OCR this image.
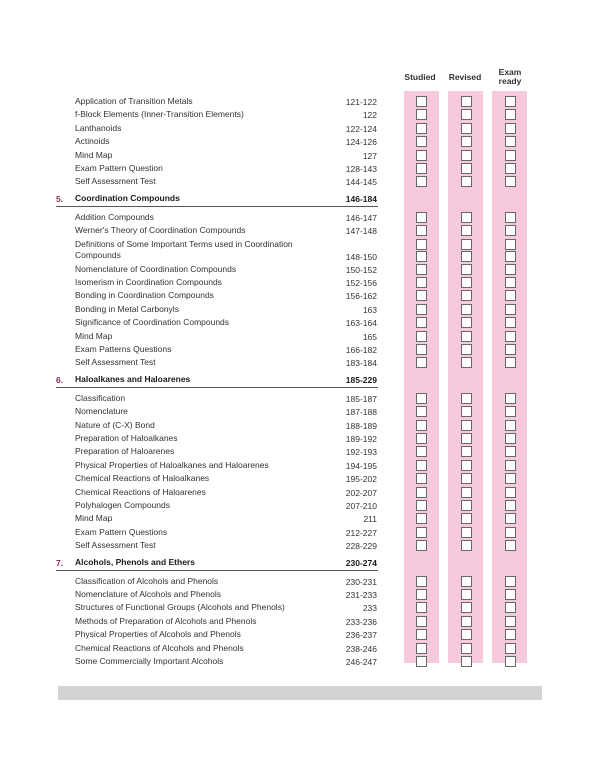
Studied	Revised	Exam
ready
Application of Transition Metals	121-122
f-Block Elements (Inner-Transition Elements)	122
Lanthanoids	122-124
Actinoids	124-126
Mind Map	127
Exam Pattern Question	128-143
Self Assessment Test	144-145
5. Coordination Compounds	146-184
Addition Compounds	146-147
Werner's Theory of Coordination Compounds	147-148
Definitions of Some Important Terms used in Coordination Compounds	148-150
Nomenclature of Coordination Compounds	150-152
Isomerism in Coordination Compounds	152-156
Bonding in Coordination Compounds	156-162
Bonding in Metal Carbonyls	163
Significance of Coordination Compounds	163-164
Mind Map	165
Exam Patterns Questions	166-182
Self Assessment Test	183-184
6. Haloalkanes and Haloarenes	185-229
Classification	185-187
Nomenclature	187-188
Nature of (C-X) Bond	188-189
Preparation of Haloalkanes	189-192
Preparation of Haloarenes	192-193
Physical Properties of Haloalkanes and Haloarenes	194-195
Chemical Reactions of Haloalkanes	195-202
Chemical Reactions of Haloarenes	202-207
Polyhalogen Compounds	207-210
Mind Map	211
Exam Pattern Questions	212-227
Self Assessment Test	228-229
7. Alcohols, Phenols and Ethers	230-274
Classification of Alcohols and Phenols	230-231
Nomenclature of Alcohols and Phenols	231-233
Structures of Functional Groups (Alcohols and Phenols)	233
Methods of Preparation of Alcohols and Phenols	233-236
Physical Properties of Alcohols and Phenols	236-237
Chemical Reactions of Alcohols and Phenols	238-246
Some Commercially Important Alcohols	246-247
